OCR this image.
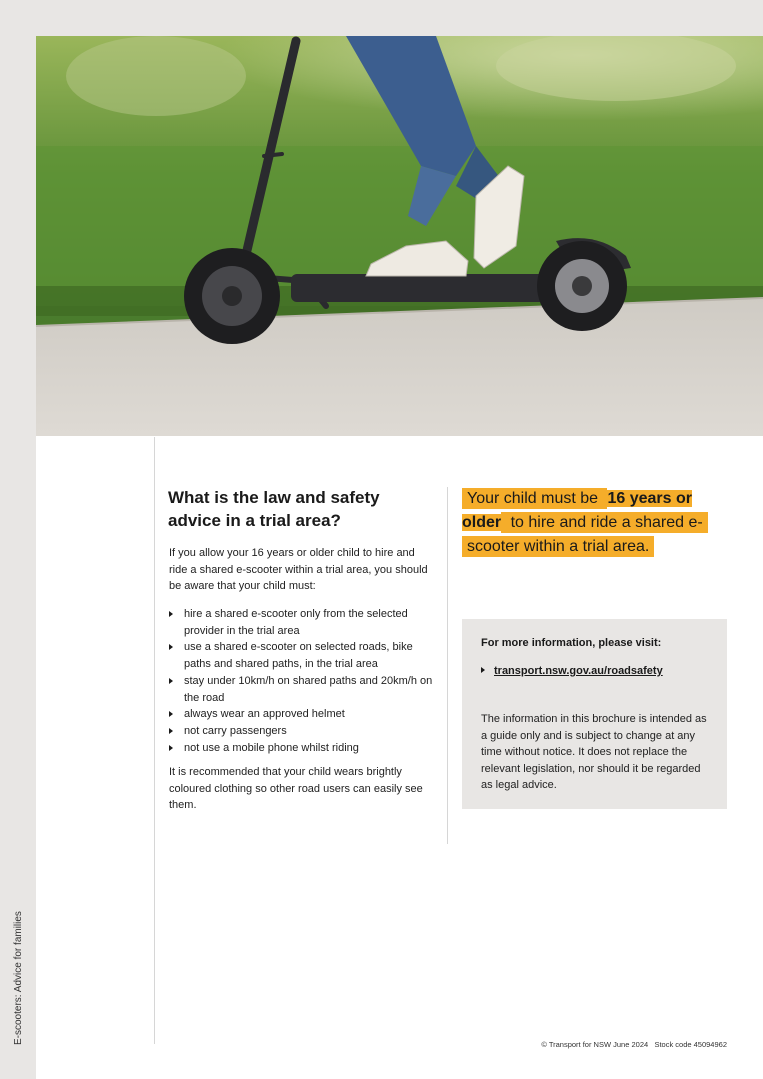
E-scooters: Advice for families
What is the law and safety advice in a trial area?

If you allow your 16 years or older child to hire and ride a shared e-scooter within a trial area, you should be aware that your child must:

hire a shared e-scooter only from the selected provider in the trial area
use a shared e-scooter on selected roads, bike paths and shared paths, in the trial area
stay under 10km/h on shared paths and 20km/h on the road
always wear an approved helmet
not carry passengers
not use a mobile phone whilst riding

It is recommended that your child wears brightly coloured clothing so other road users can easily see them.

Your child must be 16 years or older to hire and ride a shared e-scooter within a trial area.
For more information, please visit:
transport.nsw.gov.au/roadsafety
The information in this brochure is intended as a guide only and is subject to change at any time without notice. It does not replace the relevant legislation, nor should it be regarded as legal advice.
© Transport for NSW June 2024 Stock code 45094962
